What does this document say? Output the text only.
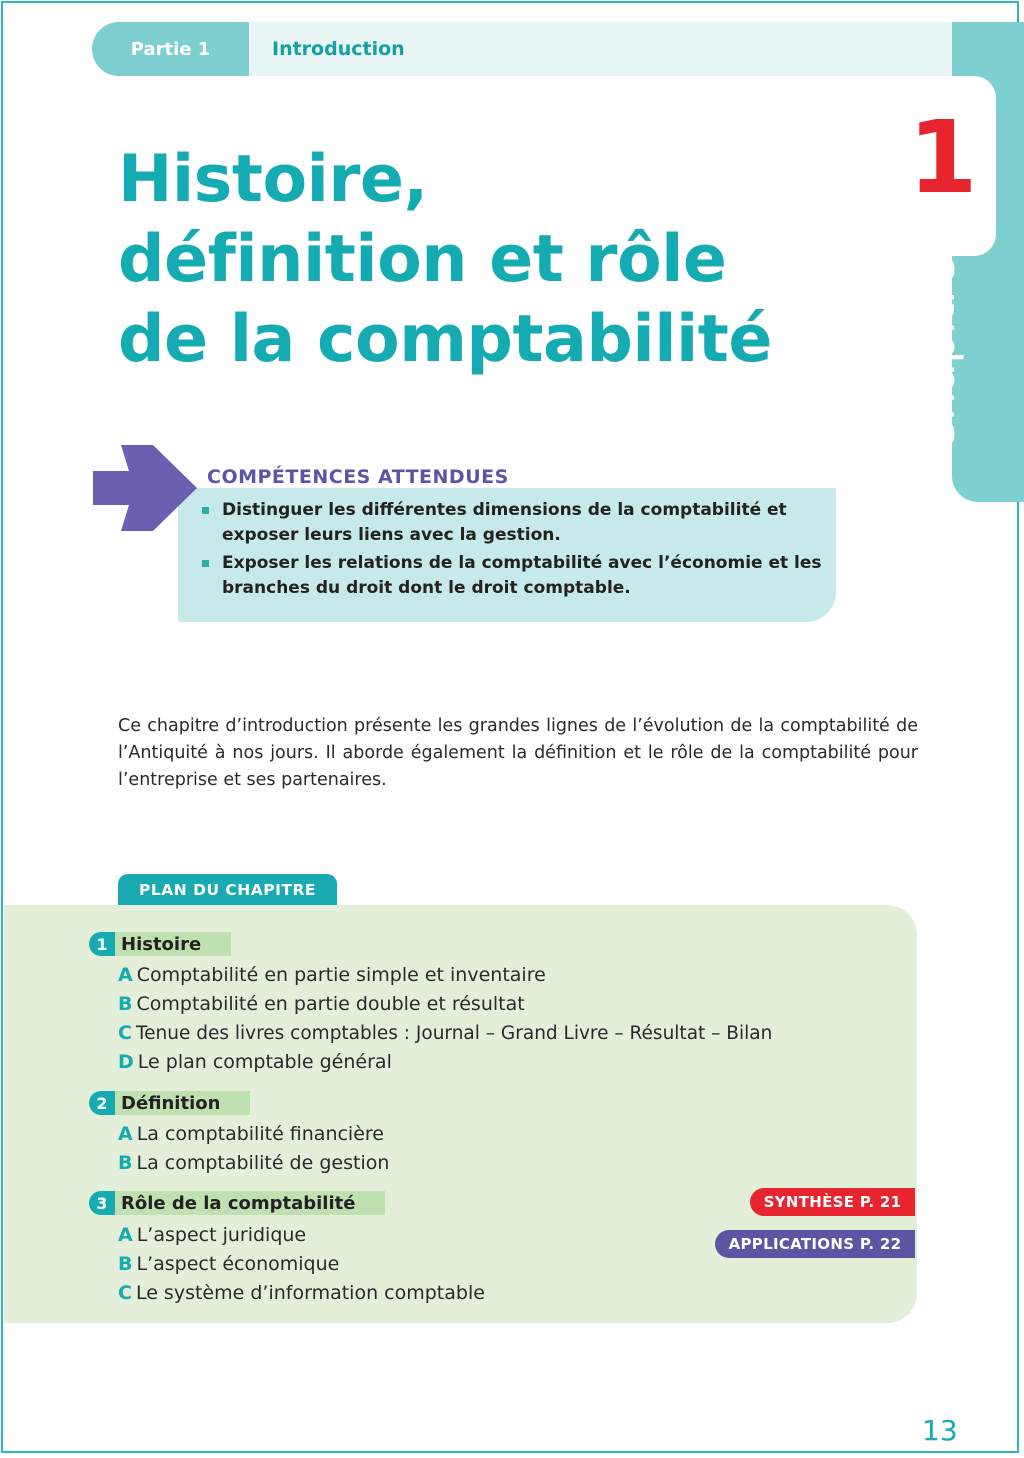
Partie 1	Introduction
1
Chapitre
Histoire,
définition et rôle
de la comptabilité
COMPÉTENCES ATTENDUES
Distinguer les différentes dimensions de la comptabilité et exposer leurs liens avec la gestion.
Exposer les relations de la comptabilité avec l’économie et les branches du droit dont le droit comptable.
Ce chapitre d’introduction présente les grandes lignes de l’évolution de la comptabilité de l’Antiquité à nos jours. Il aborde également la définition et le rôle de la comptabilité pour l’entreprise et ses partenaires.
PLAN DU CHAPITRE
1 Histoire
A Comptabilité en partie simple et inventaire
B Comptabilité en partie double et résultat
C Tenue des livres comptables : Journal – Grand Livre – Résultat – Bilan
D Le plan comptable général
2 Définition
A La comptabilité financière
B La comptabilité de gestion
3 Rôle de la comptabilité
A L’aspect juridique
B L’aspect économique
C Le système d’information comptable
SYNTHÈSE P. 21
APPLICATIONS P. 22
13
